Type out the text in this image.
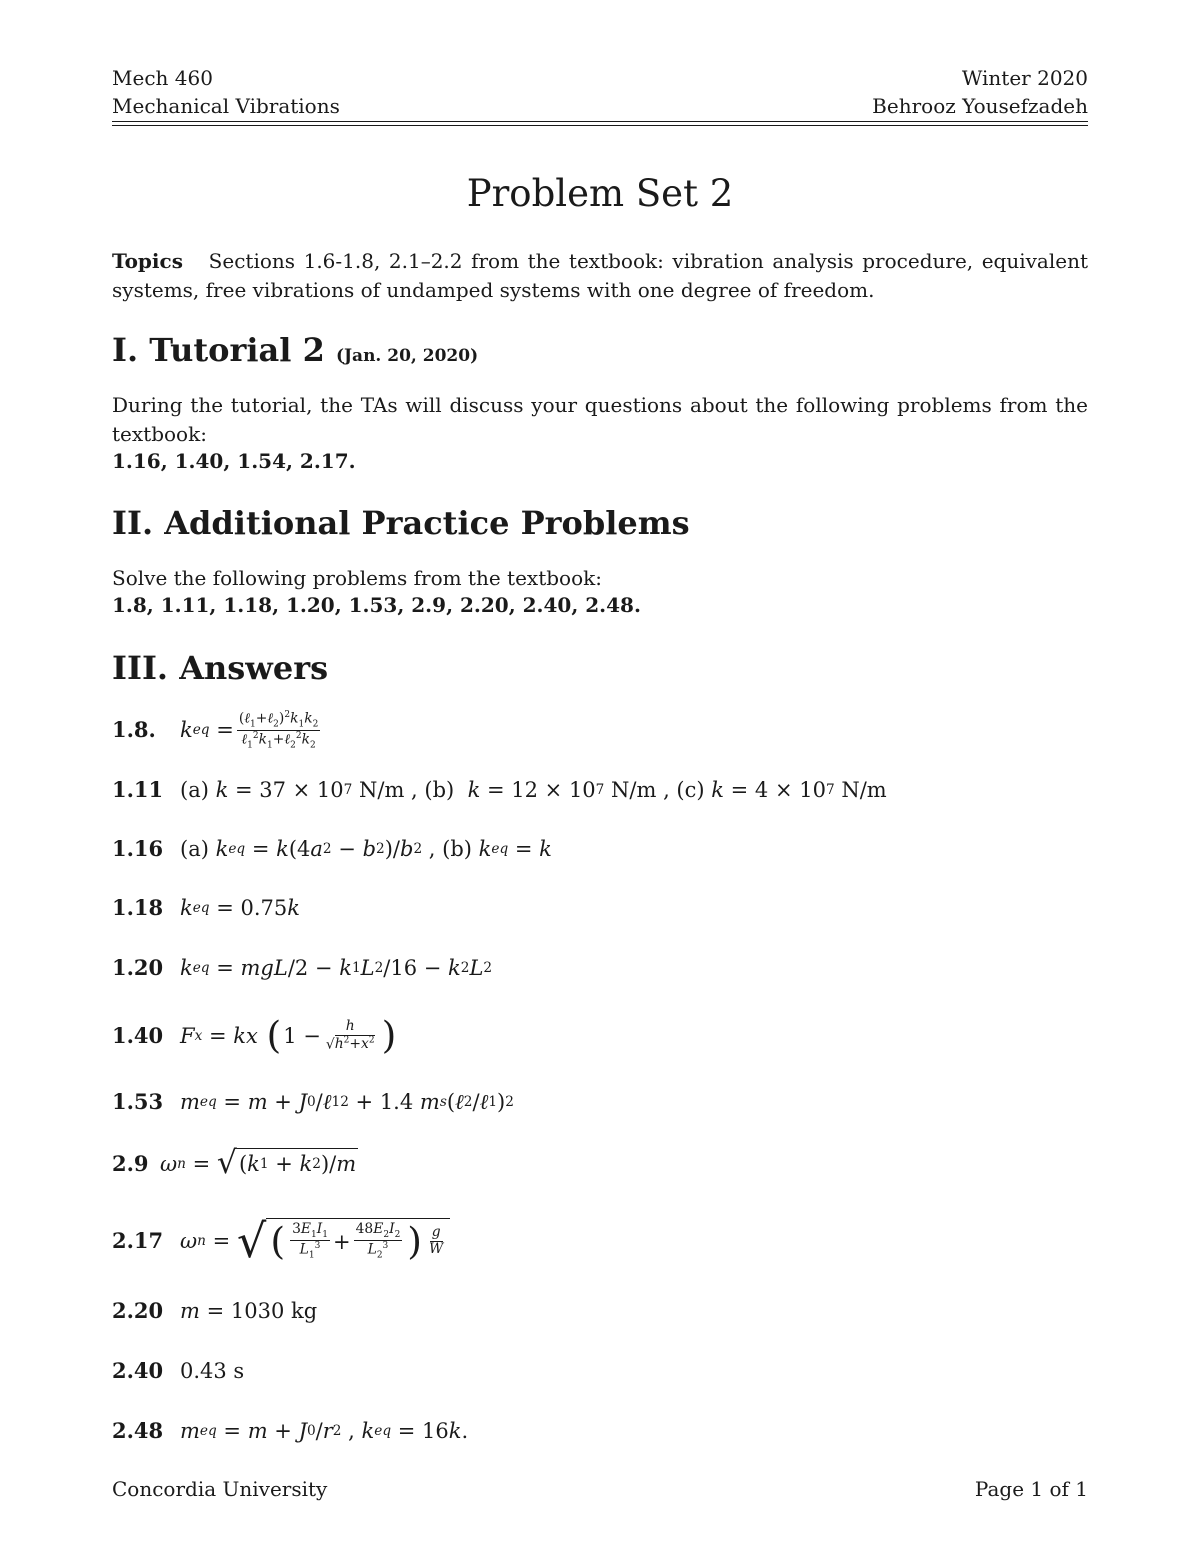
Mech 460
Mechanical Vibrations
Winter 2020
Behrooz Yousefzadeh
Problem Set 2
Topics Sections 1.6-1.8, 2.1–2.2 from the textbook: vibration analysis procedure, equivalent systems, free vibrations of undamped systems with one degree of freedom.
I. Tutorial 2 (Jan. 20, 2020)
During the tutorial, the TAs will discuss your questions about the following problems from the textbook:
1.16, 1.40, 1.54, 2.17.
II. Additional Practice Problems
Solve the following problems from the textbook:
1.8, 1.11, 1.18, 1.20, 1.53, 2.9, 2.20, 2.40, 2.48.
III. Answers
1.8.	k eq = $\frac{(\ell_1+\ell_2)^2k_1k_2}{\ell_1^2k_1+\ell_2^2k_2}$
1.11 (a) k = 37 × 10 7 N/m , (b) k = 12 × 10 7 N/m , (c) k = 4 × 10 7 N/m
1.16 (a) k eq = k (4 a 2 − b 2 )/ b 2 , (b) k eq = k
1.18 k eq = 0.75 k
1.20 k eq = mgL /2 − k 1 L 2 /16 − k 2 L 2
1.40 F x = kx
( $1 - \frac{h}{√h^2+x^2}$ )
1.53 m eq = m + J 0 / ℓ 1 2 + 1.4 m s ( ℓ 2 / ℓ 1 ) 2
2.9 ω n = √ ( k 1 + k 2 )/ m
2.17 ω n = √ ( $\frac{3E_1I_1}{L_1^3} + \frac{48E_2I_2}{L_2^3}$ ) $\frac{g}{W}$
2.20 m = 1030 kg
2.40 0.43 s
2.48 m eq = m + J 0 / r 2 , k eq = 16 k .
Concordia University	Page 1 of 1
